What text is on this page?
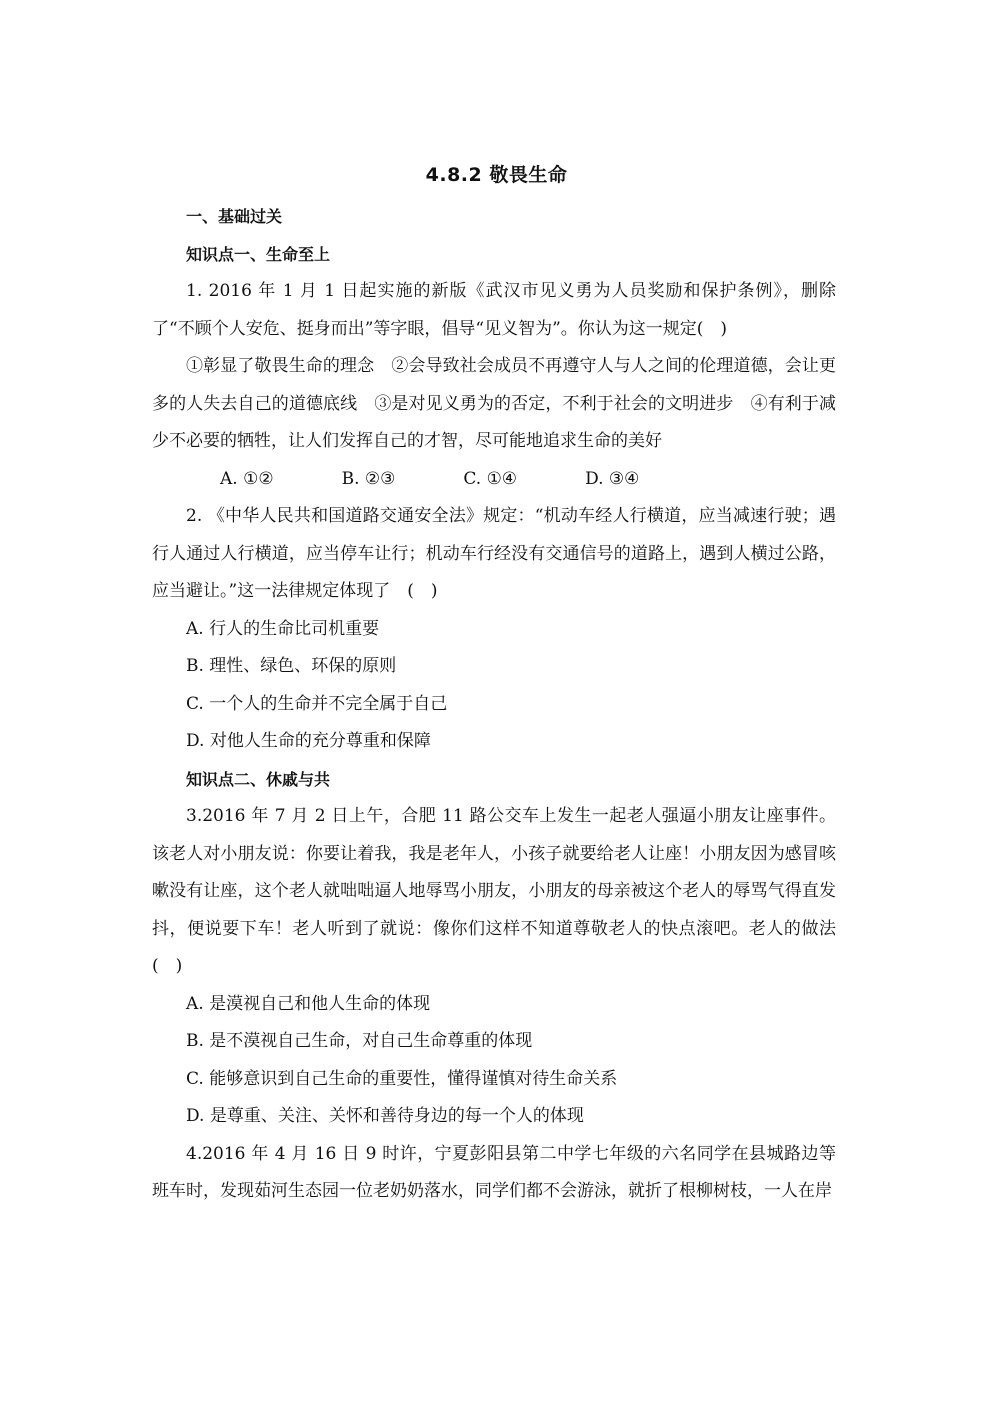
4.8.2 敬畏生命

一、基础过关

知识点一、生命至上

1. 2016 年 1 月 1 日起实施的新版《武汉市见义勇为人员奖励和保护条例》，删除了“不顾个人安危、挺身而出”等字眼，倡导“见义智为”。你认为这一规定(　)

①彰显了敬畏生命的理念　②会导致社会成员不再遵守人与人之间的伦理道德，会让更多的人失去自己的道德底线　③是对见义勇为的否定，不利于社会的文明进步　④有利于减少不必要的牺牲，让人们发挥自己的才智，尽可能地追求生命的美好

A. ①②	B. ②③	C. ①④	D. ③④

2. 《中华人民共和国道路交通安全法》规定：“机动车经人行横道，应当减速行驶；遇行人通过人行横道，应当停车让行；机动车行经没有交通信号的道路上，遇到人横过公路，应当避让。”这一法律规定体现了　(　)

A. 行人的生命比司机重要

B. 理性、绿色、环保的原则

C. 一个人的生命并不完全属于自己

D. 对他人生命的充分尊重和保障

知识点二、休戚与共

3.2016 年 7 月 2 日上午，合肥 11 路公交车上发生一起老人强逼小朋友让座事件。该老人对小朋友说：你要让着我，我是老年人，小孩子就要给老人让座！小朋友因为感冒咳嗽没有让座，这个老人就咄咄逼人地辱骂小朋友，小朋友的母亲被这个老人的辱骂气得直发抖，便说要下车！老人听到了就说：像你们这样不知道尊敬老人的快点滚吧。老人的做法　　(　)

A. 是漠视自己和他人生命的体现

B. 是不漠视自己生命，对自己生命尊重的体现

C. 能够意识到自己生命的重要性，懂得谨慎对待生命关系

D. 是尊重、关注、关怀和善待身边的每一个人的体现

4.2016 年 4 月 16 日 9 时许，宁夏彭阳县第二中学七年级的六名同学在县城路边等班车时，发现茹河生态园一位老奶奶落水，同学们都不会游泳，就折了根柳树枝，一人在岸
